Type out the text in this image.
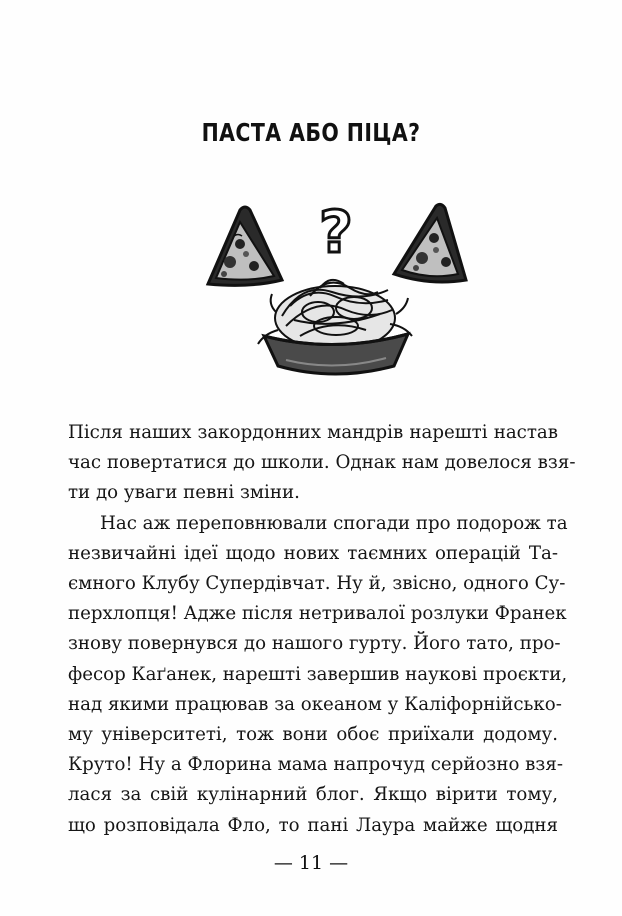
ПАСТА АБО ПІЦА?
?
Після наших закордонних мандрів нарешті настав
час повертатися до школи. Однак нам довелося взя-
ти до уваги певні зміни.
Нас аж переповнювали спогади про подорож та
незвичайні ідеї щодо нових таємних операцій Та-
ємного Клубу Супердівчат. Ну й, звісно, одного Су-
перхлопця! Адже після нетривалої розлуки Франек
знову повернувся до нашого гурту. Його тато, про-
фесор Каґанек, нарешті завершив наукові проєкти,
над якими працював за океаном у Каліфорнійсько-
му університеті, тож вони обоє приїхали додому.
Круто! Ну а Флорина мама напрочуд серйозно взя-
лася за свій кулінарний блог. Якщо вірити тому,
що розповідала Фло, то пані Лаура майже щодня
— 11 —
